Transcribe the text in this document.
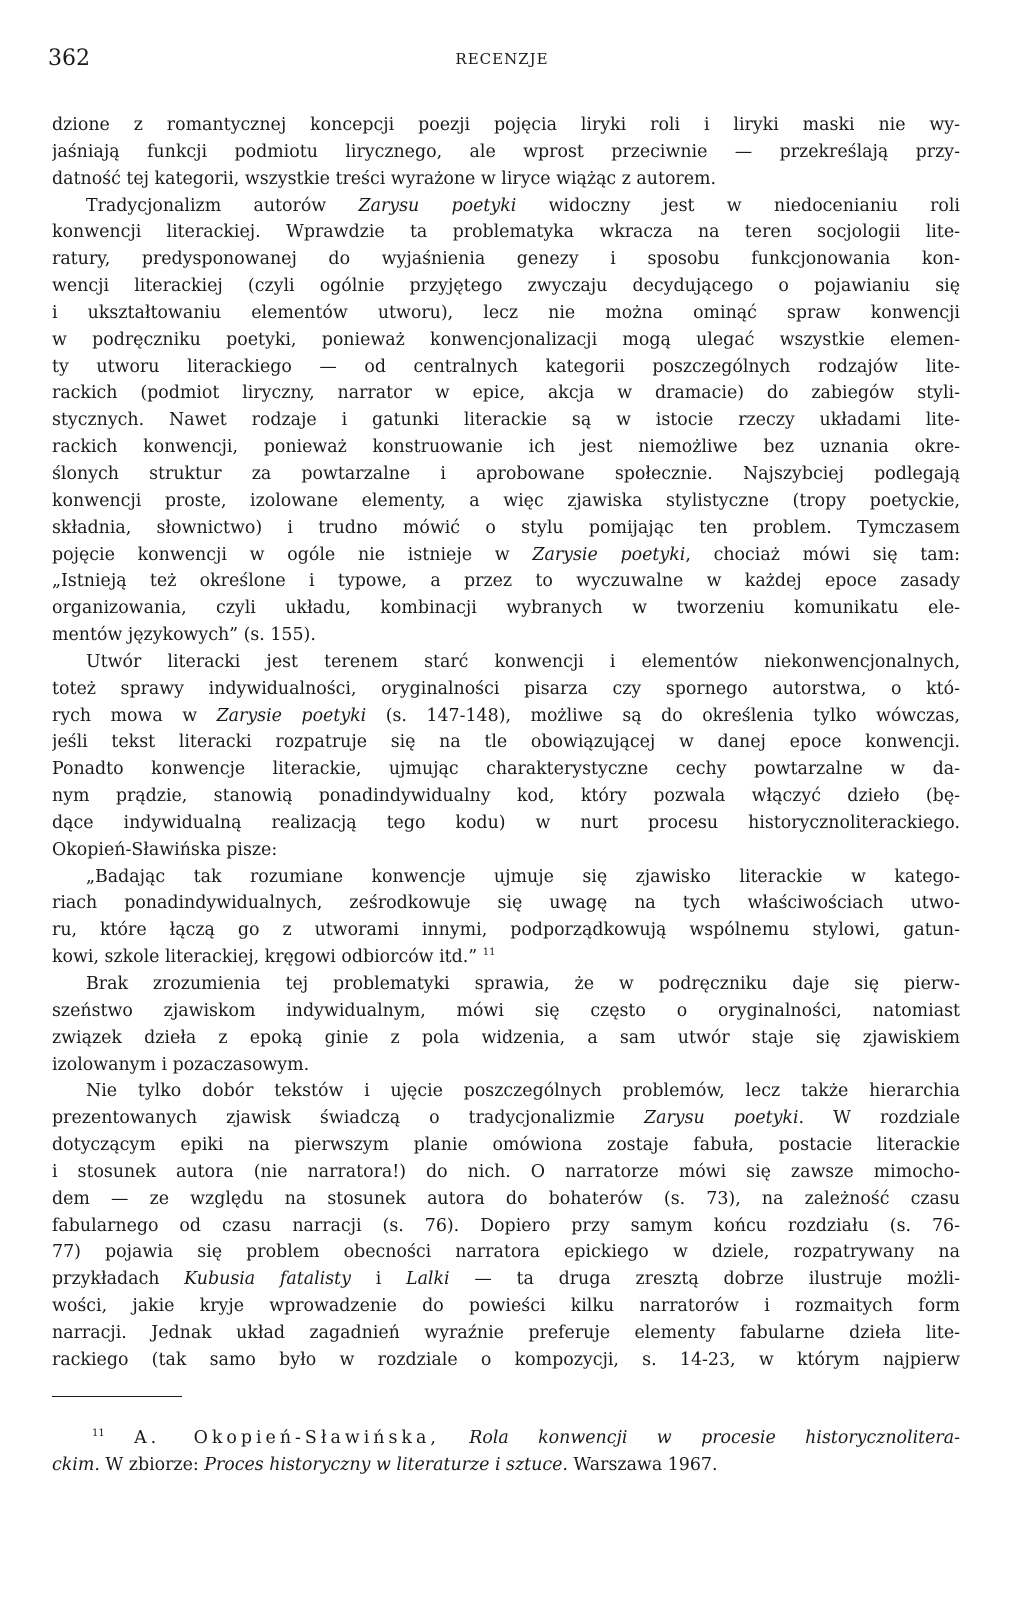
362	RECENZJE
dzione z romantycznej koncepcji poezji pojęcia liryki roli i liryki maski nie wy-
jaśniają funkcji podmiotu lirycznego, ale wprost przeciwnie — przekreślają przy-
datność tej kategorii, wszystkie treści wyrażone w liryce wiążąc z autorem.
Tradycjonalizm autorów Zarysu poetyki widoczny jest w niedocenianiu roli
konwencji literackiej. Wprawdzie ta problematyka wkracza na teren socjologii lite-
ratury, predysponowanej do wyjaśnienia genezy i sposobu funkcjonowania kon-
wencji literackiej (czyli ogólnie przyjętego zwyczaju decydującego o pojawianiu się
i ukształtowaniu elementów utworu), lecz nie można ominąć spraw konwencji
w podręczniku poetyki, ponieważ konwencjonalizacji mogą ulegać wszystkie elemen-
ty utworu literackiego — od centralnych kategorii poszczególnych rodzajów lite-
rackich (podmiot liryczny, narrator w epice, akcja w dramacie) do zabiegów styli-
stycznych. Nawet rodzaje i gatunki literackie są w istocie rzeczy układami lite-
rackich konwencji, ponieważ konstruowanie ich jest niemożliwe bez uznania okre-
ślonych struktur za powtarzalne i aprobowane społecznie. Najszybciej podlegają
konwencji proste, izolowane elementy, a więc zjawiska stylistyczne (tropy poetyckie,
składnia, słownictwo) i trudno mówić o stylu pomijając ten problem. Tymczasem
pojęcie konwencji w ogóle nie istnieje w Zarysie poetyki, chociaż mówi się tam:
„Istnieją też określone i typowe, a przez to wyczuwalne w każdej epoce zasady
organizowania, czyli układu, kombinacji wybranych w tworzeniu komunikatu ele-
mentów językowych” (s. 155).
Utwór literacki jest terenem starć konwencji i elementów niekonwencjonalnych,
toteż sprawy indywidualności, oryginalności pisarza czy spornego autorstwa, o któ-
rych mowa w Zarysie poetyki (s. 147-148), możliwe są do określenia tylko wówczas,
jeśli tekst literacki rozpatruje się na tle obowiązującej w danej epoce konwencji.
Ponadto konwencje literackie, ujmując charakterystyczne cechy powtarzalne w da-
nym prądzie, stanowią ponadindywidualny kod, który pozwala włączyć dzieło (bę-
dące indywidualną realizacją tego kodu) w nurt procesu historycznoliterackiego.
Okopień-Sławińska pisze:
„Badając tak rozumiane konwencje ujmuje się zjawisko literackie w katego-
riach ponadindywidualnych, ześrodkowuje się uwagę na tych właściwościach utwo-
ru, które łączą go z utworami innymi, podporządkowują wspólnemu stylowi, gatun-
kowi, szkole literackiej, kręgowi odbiorców itd.” $^{11}$
Brak zrozumienia tej problematyki sprawia, że w podręczniku daje się pierw-
szeństwo zjawiskom indywidualnym, mówi się często o oryginalności, natomiast
związek dzieła z epoką ginie z pola widzenia, a sam utwór staje się zjawiskiem
izolowanym i pozaczasowym.
Nie tylko dobór tekstów i ujęcie poszczególnych problemów, lecz także hierarchia
prezentowanych zjawisk świadczą o tradycjonalizmie Zarysu poetyki. W rozdziale
dotyczącym epiki na pierwszym planie omówiona zostaje fabuła, postacie literackie
i stosunek autora (nie narratora!) do nich. O narratorze mówi się zawsze mimocho-
dem — ze względu na stosunek autora do bohaterów (s. 73), na zależność czasu
fabularnego od czasu narracji (s. 76). Dopiero przy samym końcu rozdziału (s. 76-
77) pojawia się problem obecności narratora epickiego w dziele, rozpatrywany na
przykładach Kubusia fatalisty i Lalki — ta druga zresztą dobrze ilustruje możli-
wości, jakie kryje wprowadzenie do powieści kilku narratorów i rozmaitych form
narracji. Jednak układ zagadnień wyraźnie preferuje elementy fabularne dzieła lite-
rackiego (tak samo było w rozdziale o kompozycji, s. 14-23, w którym najpierw
$^{11}$ A. Okopień-Sławińska, Rola konwencji w procesie historycznolitera-
ckim. W zbiorze: Proces historyczny w literaturze i sztuce. Warszawa 1967.
